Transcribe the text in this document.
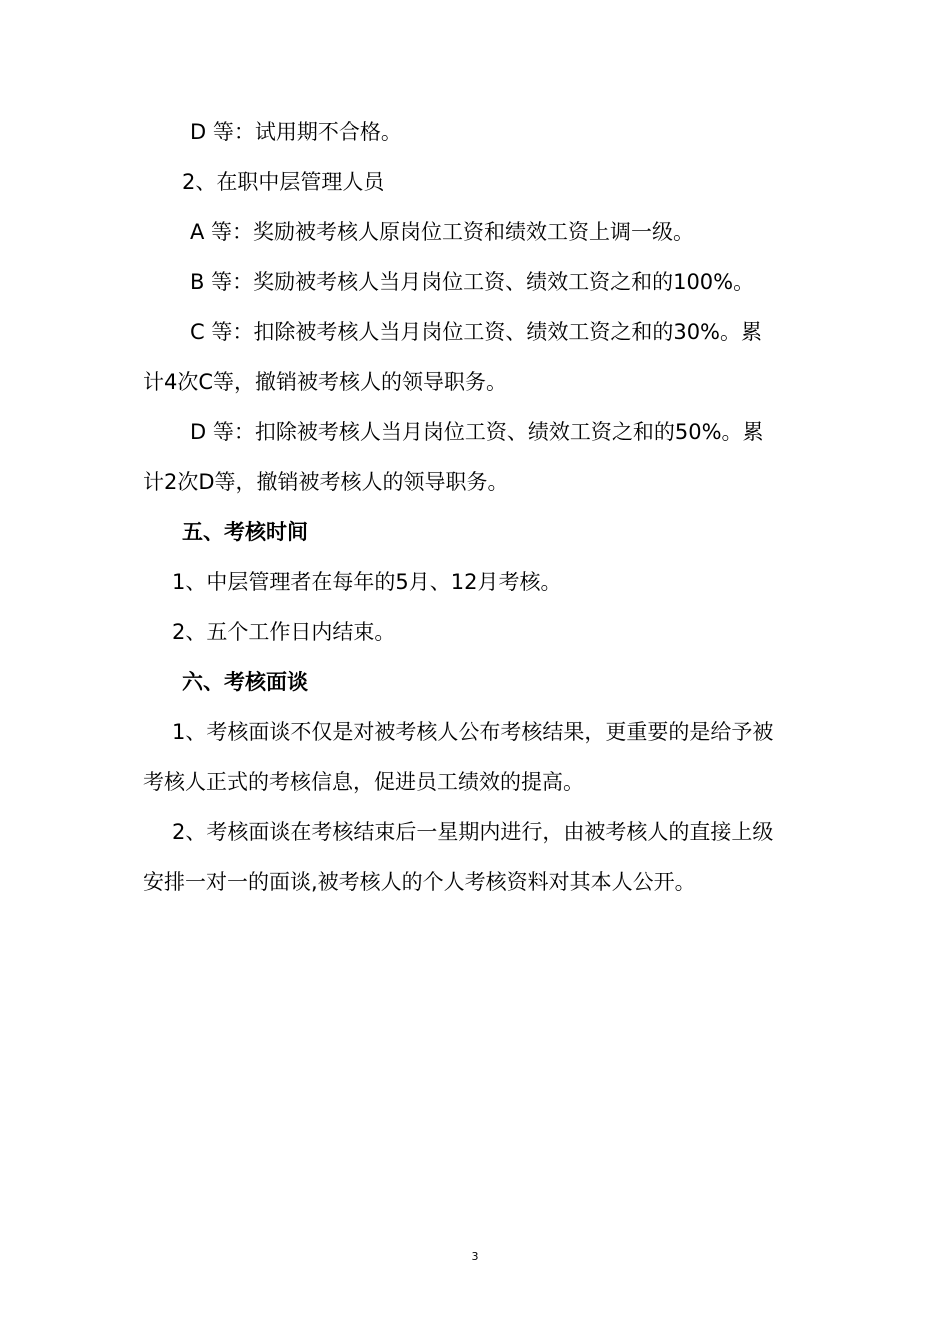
D 等：试用期不合格。
2、在职中层管理人员
A 等：奖励被考核人原岗位工资和绩效工资上调一级。
B 等：奖励被考核人当月岗位工资、绩效工资之和的100%。
C 等：扣除被考核人当月岗位工资、绩效工资之和的30%。累
计4次C等，撤销被考核人的领导职务。
D 等：扣除被考核人当月岗位工资、绩效工资之和的50%。累
计2次D等，撤销被考核人的领导职务。
五、考核时间
1、中层管理者在每年的5月、12月考核。
2、五个工作日内结束。
六、考核面谈
1、考核面谈不仅是对被考核人公布考核结果，更重要的是给予被
考核人正式的考核信息，促进员工绩效的提高。
2、考核面谈在考核结束后一星期内进行，由被考核人的直接上级
安排一对一的面谈,被考核人的个人考核资料对其本人公开。
3
